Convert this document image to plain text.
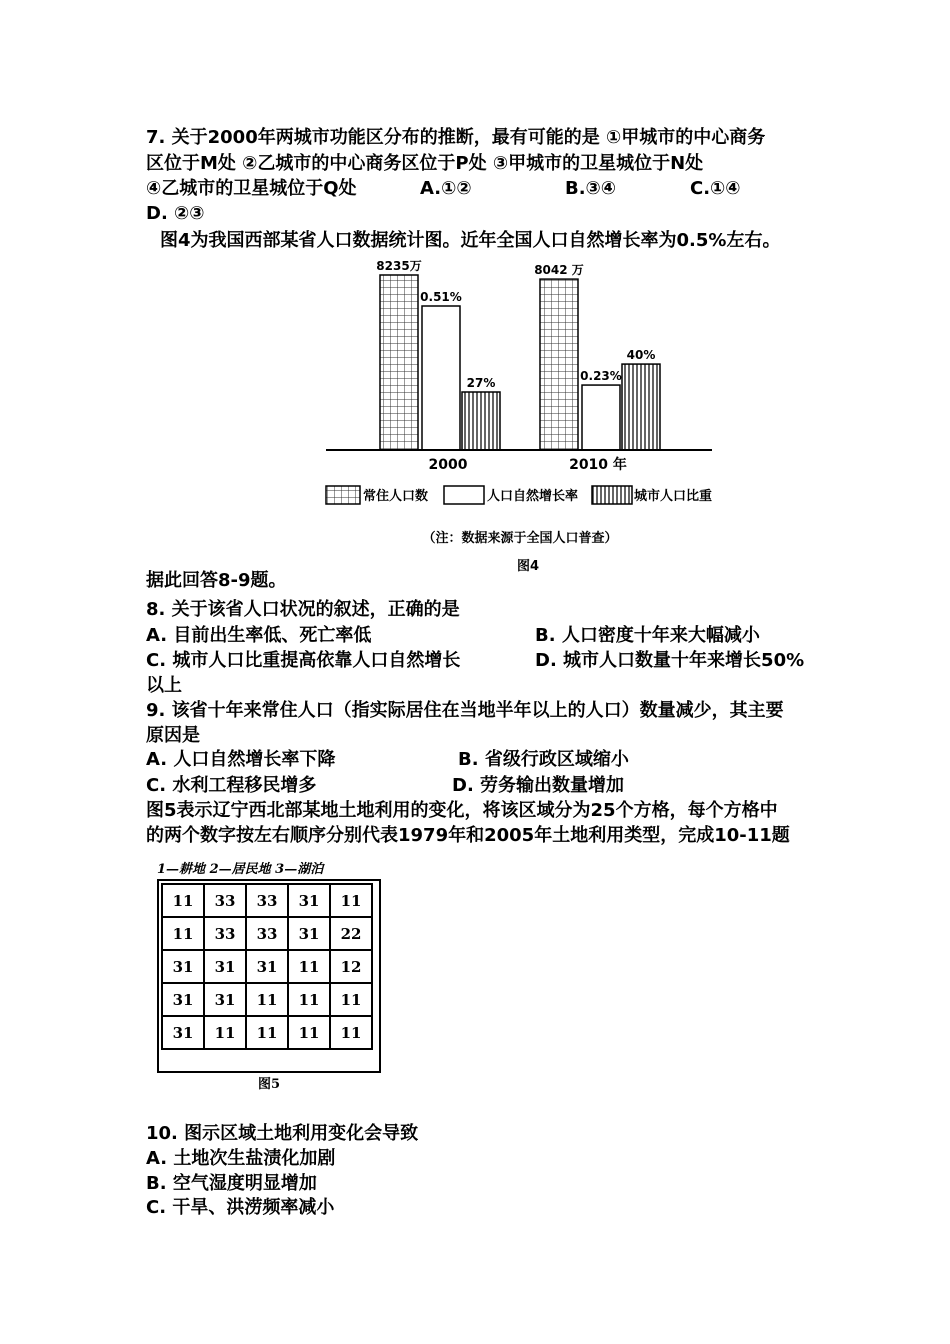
7. 关于2000年两城市功能区分布的推断，最有可能的是 ①甲城市的中心商务
区位于M处 ②乙城市的中心商务区位于P处 ③甲城市的卫星城位于N处
④乙城市的卫星城位于Q处	A.①②	B.③④	C.①④
D. ②③
图4为我国西部某省人口数据统计图。近年全国人口自然增长率为0.5%左右。
8235万
0.51%
27%
8042 万
0.23%
40%
2000	2010 年
常住人口数	人口自然增长率	城市人口比重
（注：数据来源于全国人口普查）
图4
据此回答8-9题。
8. 关于该省人口状况的叙述，正确的是
A. 目前出生率低、死亡率低	B. 人口密度十年来大幅减小
C. 城市人口比重提高依靠人口自然增长	D. 城市人口数量十年来增长50%
以上
9. 该省十年来常住人口（指实际居住在当地半年以上的人口）数量减少，其主要
原因是
A. 人口自然增长率下降	B. 省级行政区域缩小
C. 水利工程移民增多	D. 劳务输出数量增加
图5表示辽宁西北部某地土地利用的变化，将该区域分为25个方格，每个方格中
的两个数字按左右顺序分别代表1979年和2005年土地利用类型，完成10-11题
1—耕地 2—居民地 3—湖泊
11	33	33	31	11
11	33	33	31	22
31	31	31	11	12
31	31	11	11	11
31	11	11	11	11
图5
10. 图示区域土地利用变化会导致
A. 土地次生盐渍化加剧
B. 空气湿度明显增加
C. 干旱、洪涝频率减小
